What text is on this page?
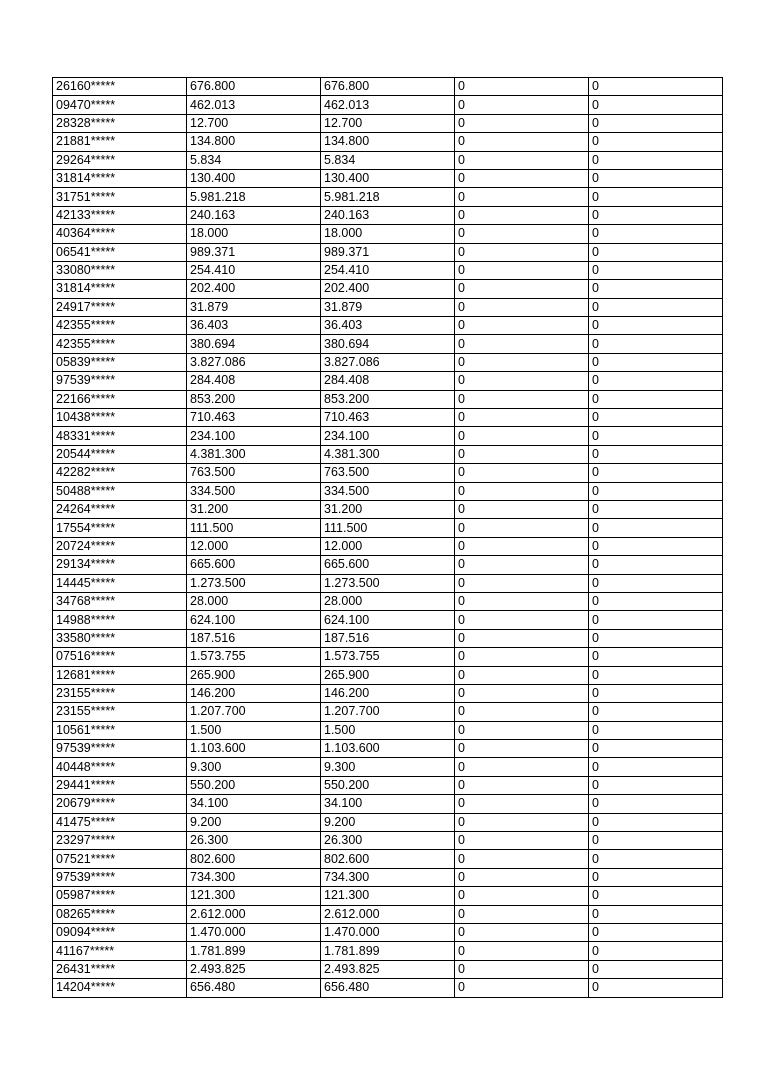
26160*****	676.800	676.800	0	0
09470*****	462.013	462.013	0	0
28328*****	12.700	12.700	0	0
21881*****	134.800	134.800	0	0
29264*****	5.834	5.834	0	0
31814*****	130.400	130.400	0	0
31751*****	5.981.218	5.981.218	0	0
42133*****	240.163	240.163	0	0
40364*****	18.000	18.000	0	0
06541*****	989.371	989.371	0	0
33080*****	254.410	254.410	0	0
31814*****	202.400	202.400	0	0
24917*****	31.879	31.879	0	0
42355*****	36.403	36.403	0	0
42355*****	380.694	380.694	0	0
05839*****	3.827.086	3.827.086	0	0
97539*****	284.408	284.408	0	0
22166*****	853.200	853.200	0	0
10438*****	710.463	710.463	0	0
48331*****	234.100	234.100	0	0
20544*****	4.381.300	4.381.300	0	0
42282*****	763.500	763.500	0	0
50488*****	334.500	334.500	0	0
24264*****	31.200	31.200	0	0
17554*****	111.500	111.500	0	0
20724*****	12.000	12.000	0	0
29134*****	665.600	665.600	0	0
14445*****	1.273.500	1.273.500	0	0
34768*****	28.000	28.000	0	0
14988*****	624.100	624.100	0	0
33580*****	187.516	187.516	0	0
07516*****	1.573.755	1.573.755	0	0
12681*****	265.900	265.900	0	0
23155*****	146.200	146.200	0	0
23155*****	1.207.700	1.207.700	0	0
10561*****	1.500	1.500	0	0
97539*****	1.103.600	1.103.600	0	0
40448*****	9.300	9.300	0	0
29441*****	550.200	550.200	0	0
20679*****	34.100	34.100	0	0
41475*****	9.200	9.200	0	0
23297*****	26.300	26.300	0	0
07521*****	802.600	802.600	0	0
97539*****	734.300	734.300	0	0
05987*****	121.300	121.300	0	0
08265*****	2.612.000	2.612.000	0	0
09094*****	1.470.000	1.470.000	0	0
41167*****	1.781.899	1.781.899	0	0
26431*****	2.493.825	2.493.825	0	0
14204*****	656.480	656.480	0	0
